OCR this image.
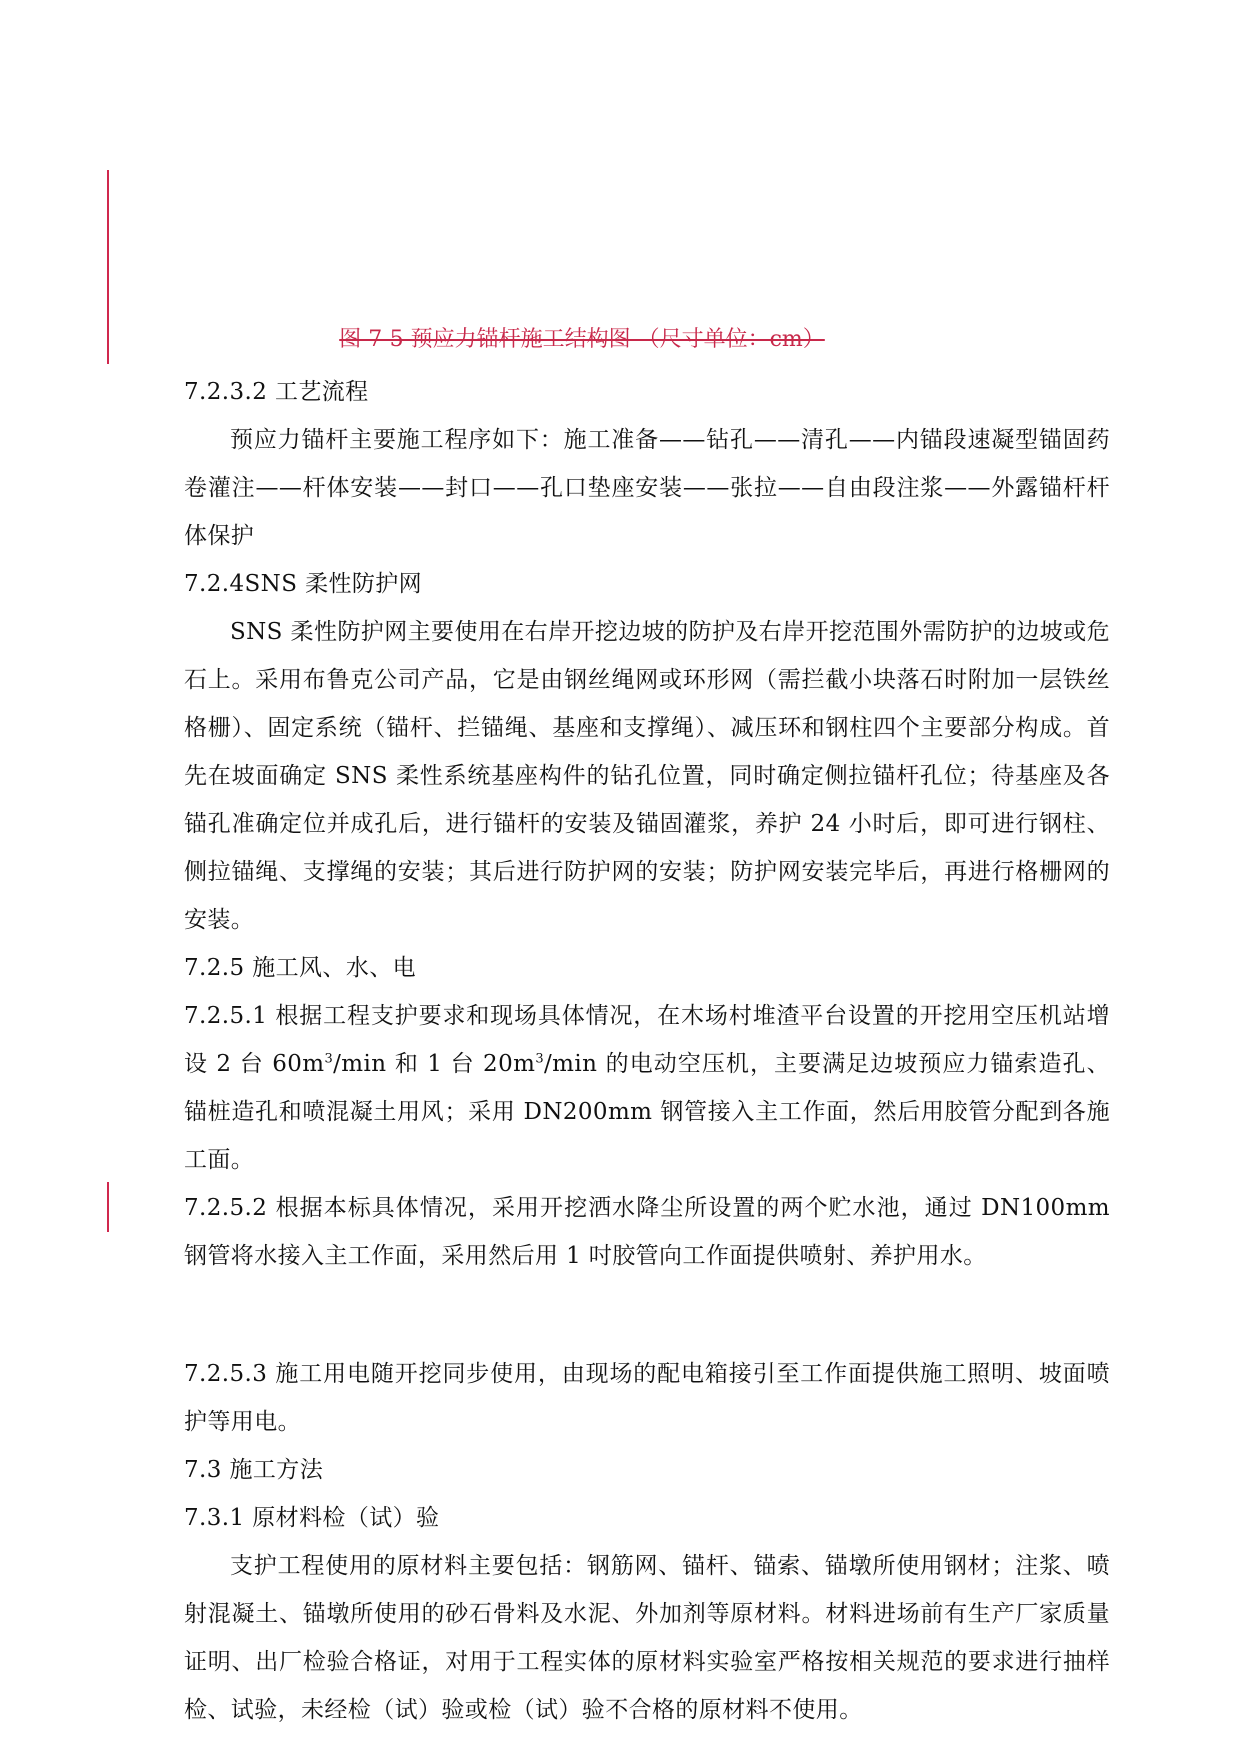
图 7-5 预应力锚杆施工结构图 （尺寸单位：cm）

7.2.3.2 工艺流程

预应力锚杆主要施工程序如下：施工准备——钻孔——清孔——内锚段速凝型锚固药卷灌注——杆体安装——封口——孔口垫座安装——张拉——自由段注浆——外露锚杆杆体保护

7.2.4SNS 柔性防护网

SNS 柔性防护网主要使用在右岸开挖边坡的防护及右岸开挖范围外需防护的边坡或危石上。采用布鲁克公司产品，它是由钢丝绳网或环形网（需拦截小块落石时附加一层铁丝格栅）、固定系统（锚杆、拦锚绳、基座和支撑绳）、减压环和钢柱四个主要部分构成。首先在坡面确定 SNS 柔性系统基座构件的钻孔位置，同时确定侧拉锚杆孔位；待基座及各锚孔准确定位并成孔后，进行锚杆的安装及锚固灌浆，养护 24 小时后，即可进行钢柱、侧拉锚绳、支撑绳的安装；其后进行防护网的安装；防护网安装完毕后，再进行格栅网的安装。

7.2.5 施工风、水、电

7.2.5.1 根据工程支护要求和现场具体情况，在木场村堆渣平台设置的开挖用空压机站增设 2 台 $60m^3/\min$ 和 1 台 $20m^3/\min$ 的电动空压机，主要满足边坡预应力锚索造孔、锚桩造孔和喷混凝土用风；采用 DN200mm 钢管接入主工作面，然后用胶管分配到各施工面。

7.2.5.2 根据本标具体情况，采用开挖洒水降尘所设置的两个贮水池，通过 DN100mm 钢管将水接入主工作面，采用然后用 1 吋胶管向工作面提供喷射、养护用水。

7.2.5.3 施工用电随开挖同步使用，由现场的配电箱接引至工作面提供施工照明、坡面喷护等用电。

7.3 施工方法

7.3.1 原材料检（试）验

支护工程使用的原材料主要包括：钢筋网、锚杆、锚索、锚墩所使用钢材；注浆、喷射混凝土、锚墩所使用的砂石骨料及水泥、外加剂等原材料。材料进场前有生产厂家质量证明、出厂检验合格证，对用于工程实体的原材料实验室严格按相关规范的要求进行抽样检、试验，未经检（试）验或检（试）验不合格的原材料不使用。
